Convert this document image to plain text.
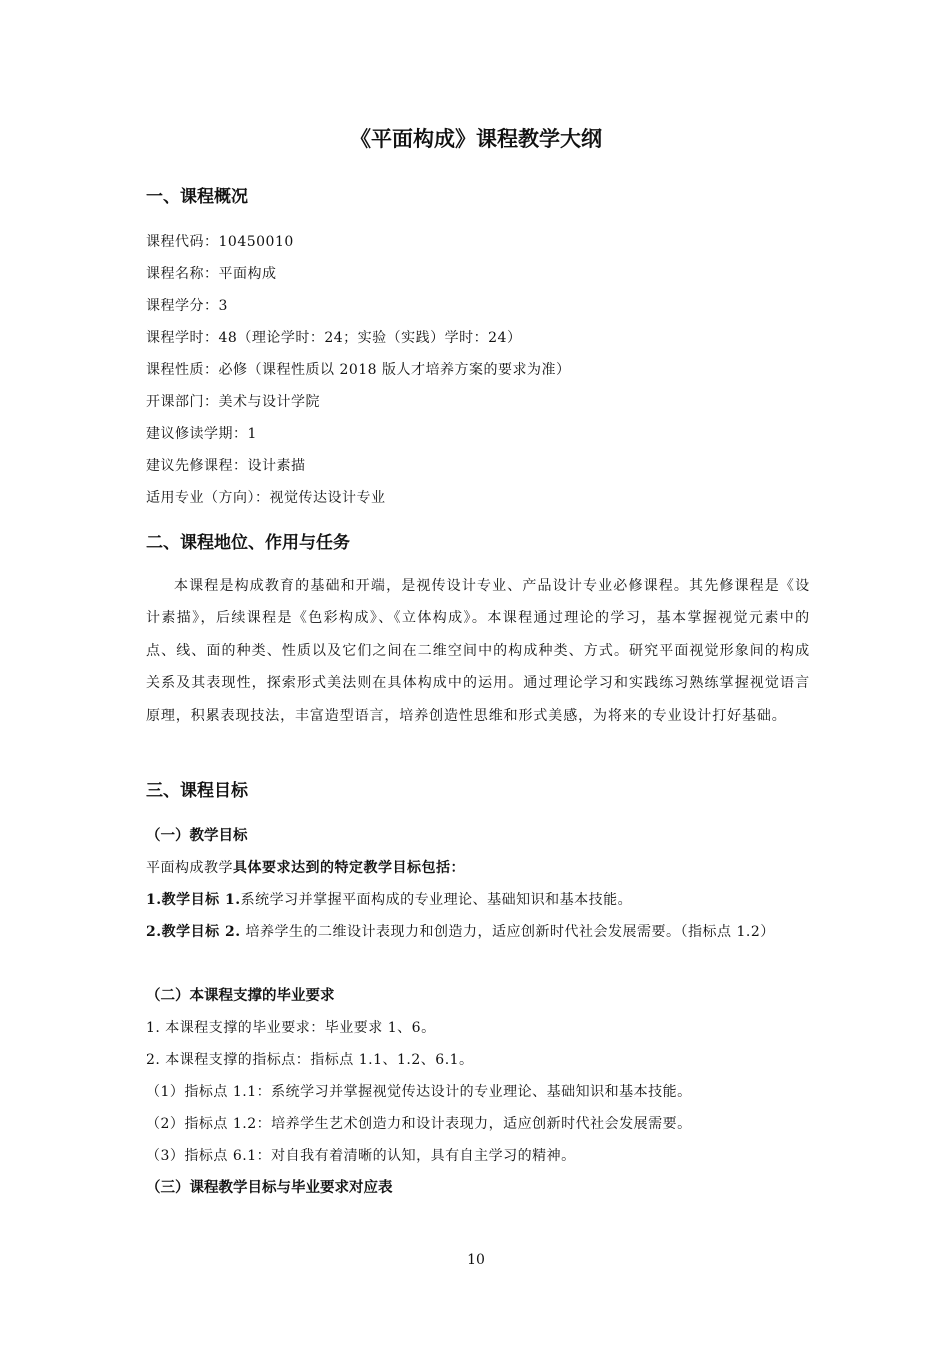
《平面构成》课程教学大纲
一、课程概况

课程代码：10450010

课程名称：平面构成

课程学分：3

课程学时：48（理论学时：24；实验（实践）学时：24）

课程性质：必修（课程性质以 2018 版人才培养方案的要求为准）

开课部门：美术与设计学院

建议修读学期：1

建议先修课程：设计素描

适用专业（方向）：视觉传达设计专业

二、课程地位、作用与任务

本课程是构成教育的基础和开端，是视传设计专业、产品设计专业必修课程。其先修课程是《设计素描》，后续课程是《色彩构成》、《立体构成》。本课程通过理论的学习，基本掌握视觉元素中的点、线、面的种类、性质以及它们之间在二维空间中的构成种类、方式。研究平面视觉形象间的构成关系及其表现性，探索形式美法则在具体构成中的运用。通过理论学习和实践练习熟练掌握视觉语言原理，积累表现技法，丰富造型语言，培养创造性思维和形式美感，为将来的专业设计打好基础。

三、课程目标
（一）教学目标

平面构成教学具体要求达到的特定教学目标包括：

1.教学目标 1.系统学习并掌握平面构成的专业理论、基础知识和基本技能。

2.教学目标 2. 培养学生的二维设计表现力和创造力，适应创新时代社会发展需要。（指标点 1.2）

（二）本课程支撑的毕业要求

1. 本课程支撑的毕业要求：毕业要求 1、6。

2. 本课程支撑的指标点：指标点 1.1、1.2、6.1。

（1）指标点 1.1：系统学习并掌握视觉传达设计的专业理论、基础知识和基本技能。

（2）指标点 1.2：培养学生艺术创造力和设计表现力，适应创新时代社会发展需要。

（3）指标点 6.1：对自我有着清晰的认知，具有自主学习的精神。

（三）课程教学目标与毕业要求对应表

10
